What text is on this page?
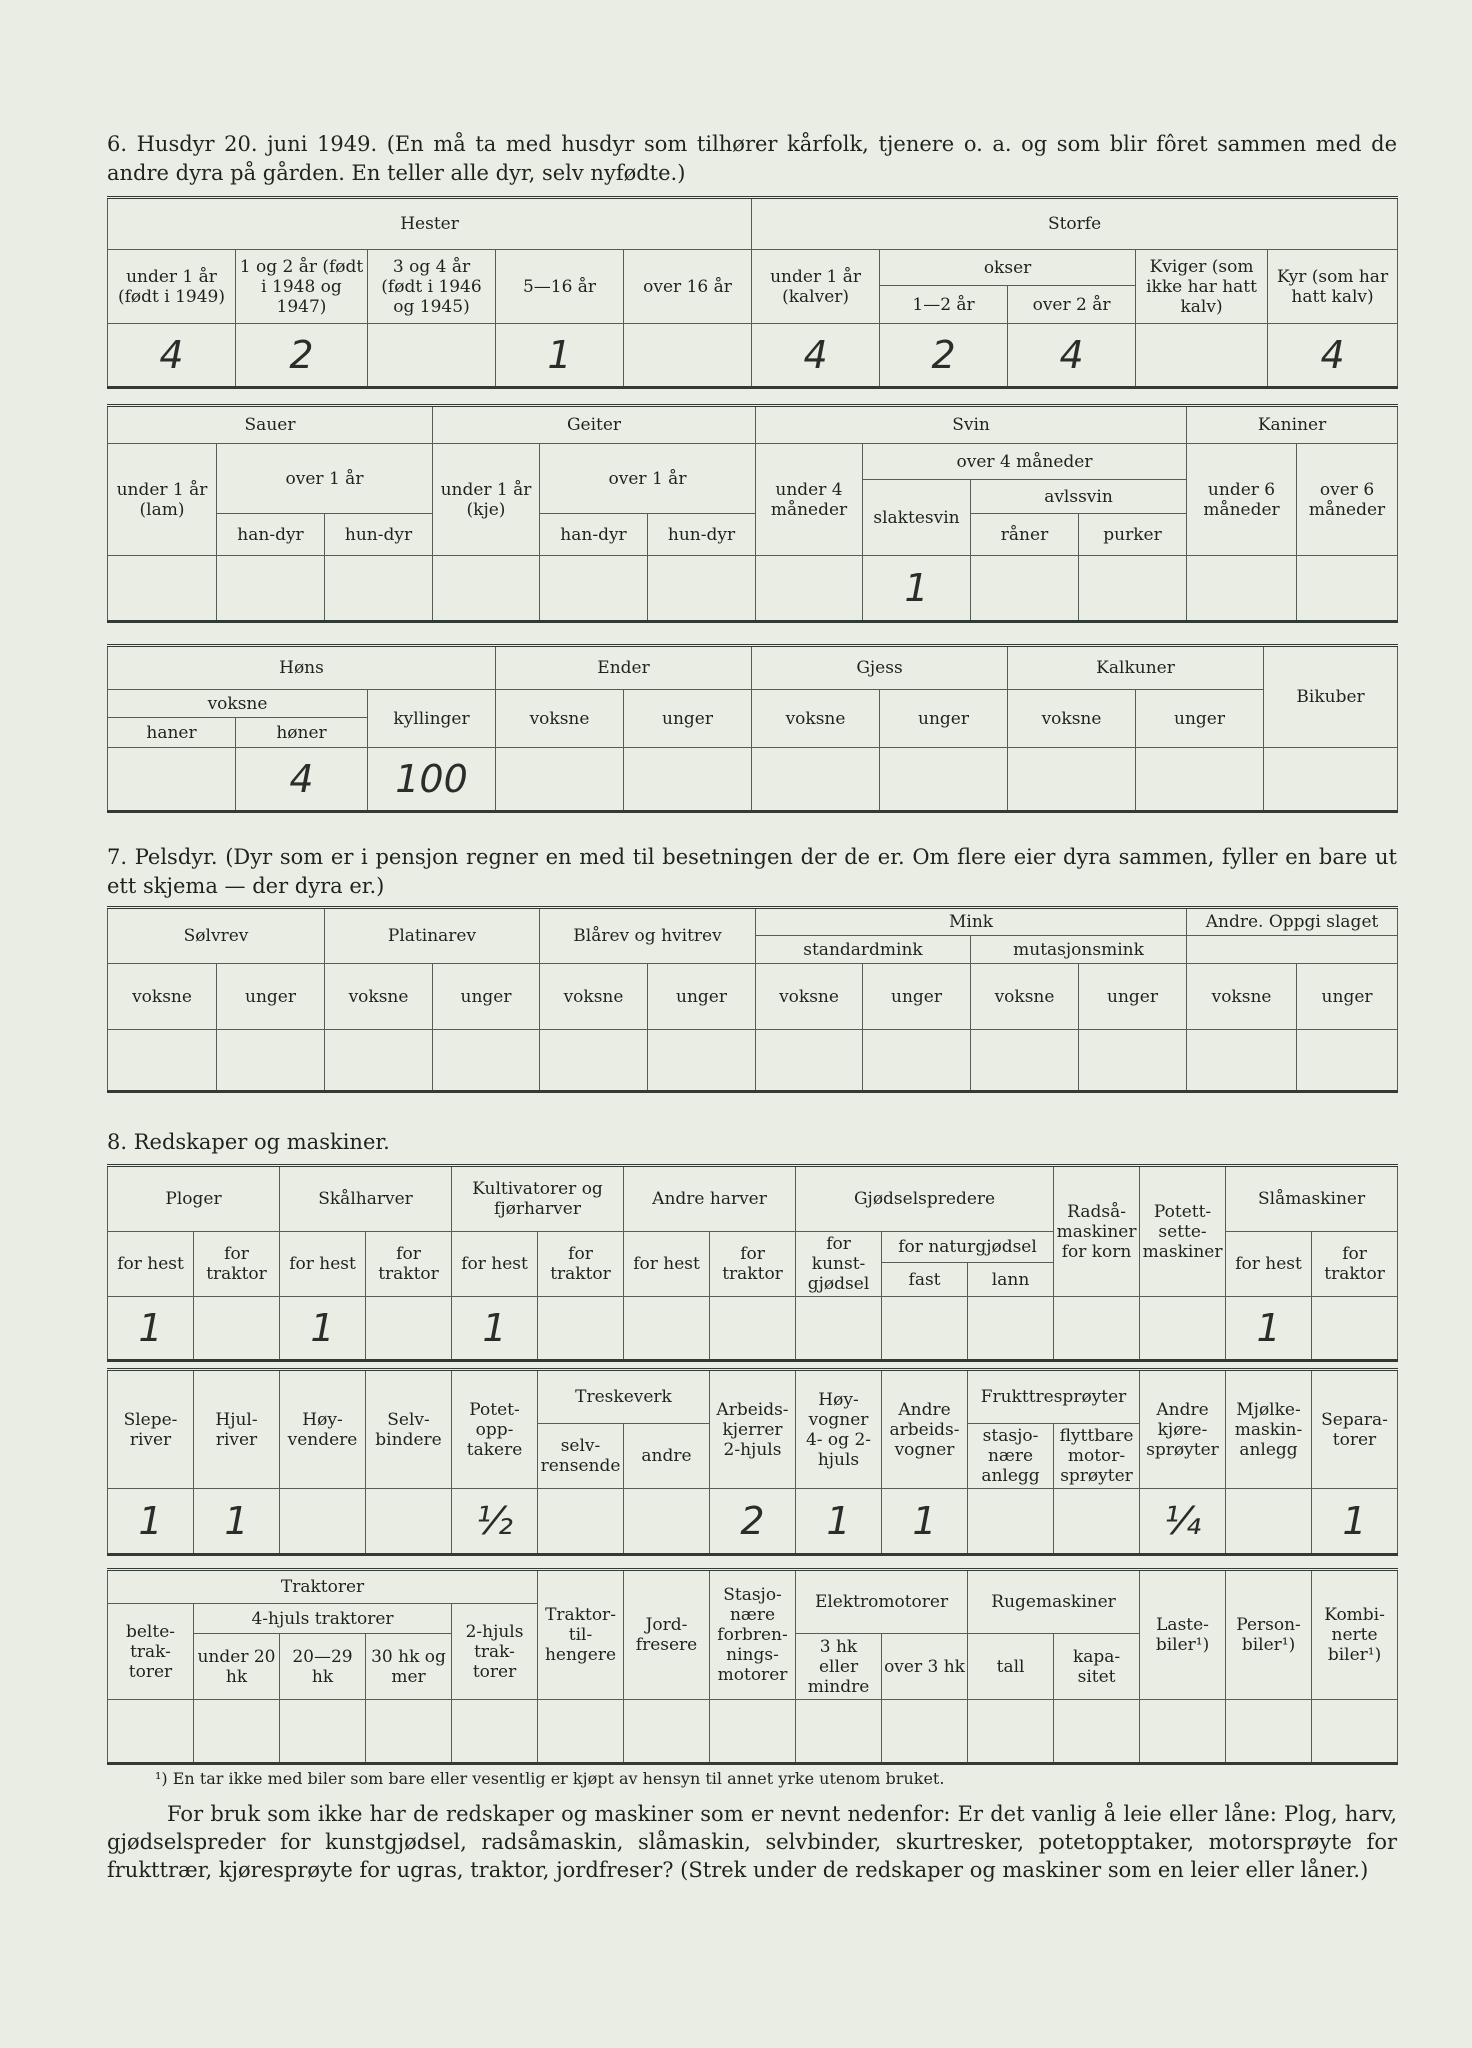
6. Husdyr 20. juni 1949. (En må ta med husdyr som tilhører kårfolk, tjenere o. a. og som blir fôret sammen med de andre dyra på gården. En teller alle dyr, selv nyfødte.)
Hester					Storfe				
under 1 år (født i 1949)	1 og 2 år (født i 1948 og 1947)	3 og 4 år (født i 1946 og 1945)	5—16 år	over 16 år	under 1 år (kalver)	okser		Kviger (som ikke har hatt kalv)	Kyr (som har hatt kalv)
						1—2 år	over 2 år		
4	2		1		4	2	4		4
Sauer			Geiter			Svin				Kaniner	
under 1 år (lam)	over 1 år		under 1 år (kje)	over 1 år		under 4 måneder	over 4 måneder			under 6 måneder	over 6 måneder
							slaktesvin	avlssvin			
	han-dyr	hun-dyr		han-dyr	hun-dyr			råner	purker		
							1				
Høns			Ender		Gjess		Kalkuner		Bikuber
voksne		kyllinger	voksne	unger	voksne	unger	voksne	unger	
haner	høner								
	4	100							
7. Pelsdyr. (Dyr som er i pensjon regner en med til besetningen der de er. Om flere eier dyra sammen, fyller en bare ut ett skjema — der dyra er.)
Sølvrev		Platinarev		Blårev og hvitrev		Mink				Andre. Oppgi slaget	
						standardmink		mutasjonsmink			
voksne	unger	voksne	unger	voksne	unger	voksne	unger	voksne	unger	voksne	unger

8. Redskaper og maskiner.
Ploger		Skålharver		Kultivatorer og fjørharver		Andre harver		Gjødselspredere			Radså-maskiner for korn	Potett-sette-maskiner	Slåmaskiner	
for hest	for traktor	for hest	for traktor	for hest	for traktor	for hest	for traktor	for kunst-gjødsel	for naturgjødsel				for hest	for traktor
									fast	lann				
1		1		1									1	
Slepe-river	Hjul-river	Høy-vendere	Selv-bindere	Potet-opp-takere	Treskeverk		Arbeids-kjerrer 2-hjuls	Høy-vogner 4- og 2-hjuls	Andre arbeids-vogner	Frukttresprøyter		Andre kjøre-sprøyter	Mjølke-maskin-anlegg	Separa-torer
					selv-rensende	andre				stasjo-nære anlegg	flyttbare motor-sprøyter			
1	1			½			2	1	1			¼		1
Traktorer					Traktor-til-hengere	Jord-fresere	Stasjo-nære forbren-nings-motorer	Elektromotorer		Rugemaskiner		Laste-biler¹)	Person-biler¹)	Kombi-nerte biler¹)
belte-trak-torer	4-hjuls traktorer			2-hjuls trak-torer										
	under 20 hk	20—29 hk	30 hk og mer					3 hk eller mindre	over 3 hk	tall	kapa-sitet			

¹) En tar ikke med biler som bare eller vesentlig er kjøpt av hensyn til annet yrke utenom bruket.
For bruk som ikke har de redskaper og maskiner som er nevnt nedenfor: Er det vanlig å leie eller låne: Plog, harv, gjødselspreder for kunstgjødsel, radsåmaskin, slåmaskin, selvbinder, skurtresker, potetopptaker, motorsprøyte for frukttrær, kjøresprøyte for ugras, traktor, jordfreser? (Strek under de redskaper og maskiner som en leier eller låner.)
